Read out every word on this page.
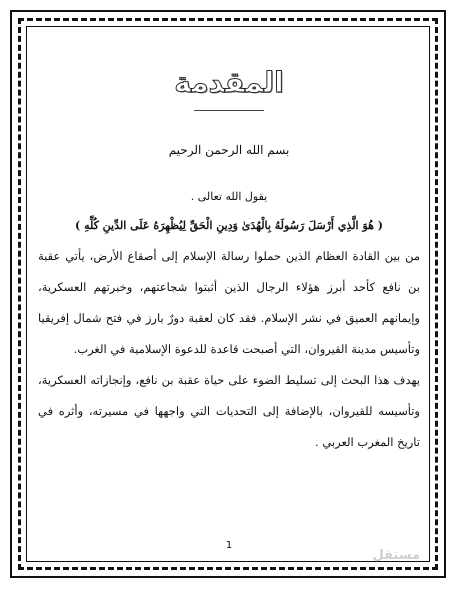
المقدمة
بسم الله الرحمن الرحيم
يقول الله تعالى .
( هُوَ الَّذِي أَرْسَلَ رَسُولَهُ بِالْهُدَىٰ وَدِينِ الْحَقِّ لِيُظْهِرَهُ عَلَى الدِّينِ كُلِّهِ )

من بين القادة العظام الذين حملوا رسالة الإسلام إلى أصقاع الأرض، يأتي عقبة بن نافع كأحد أبرز هؤلاء الرجال الذين أثبتوا شجاعتهم، وخبرتهم العسكرية، وإيمانهم العميق في نشر الإسلام. فقد كان لعقبة دورٌ بارز في فتح شمال إفريقيا وتأسيس مدينة القيروان، التي أصبحت قاعدة للدعوة الإسلامية في الغرب.

يهدف هذا البحث إلى تسليط الضوء على حياة عقبة بن نافع، وإنجازاته العسكرية، وتأسيسه للقيروان، بالإضافة إلى التحديات التي واجهها في مسيرته، وأثره في تاريخ المغرب العربي .

1
مستقل
